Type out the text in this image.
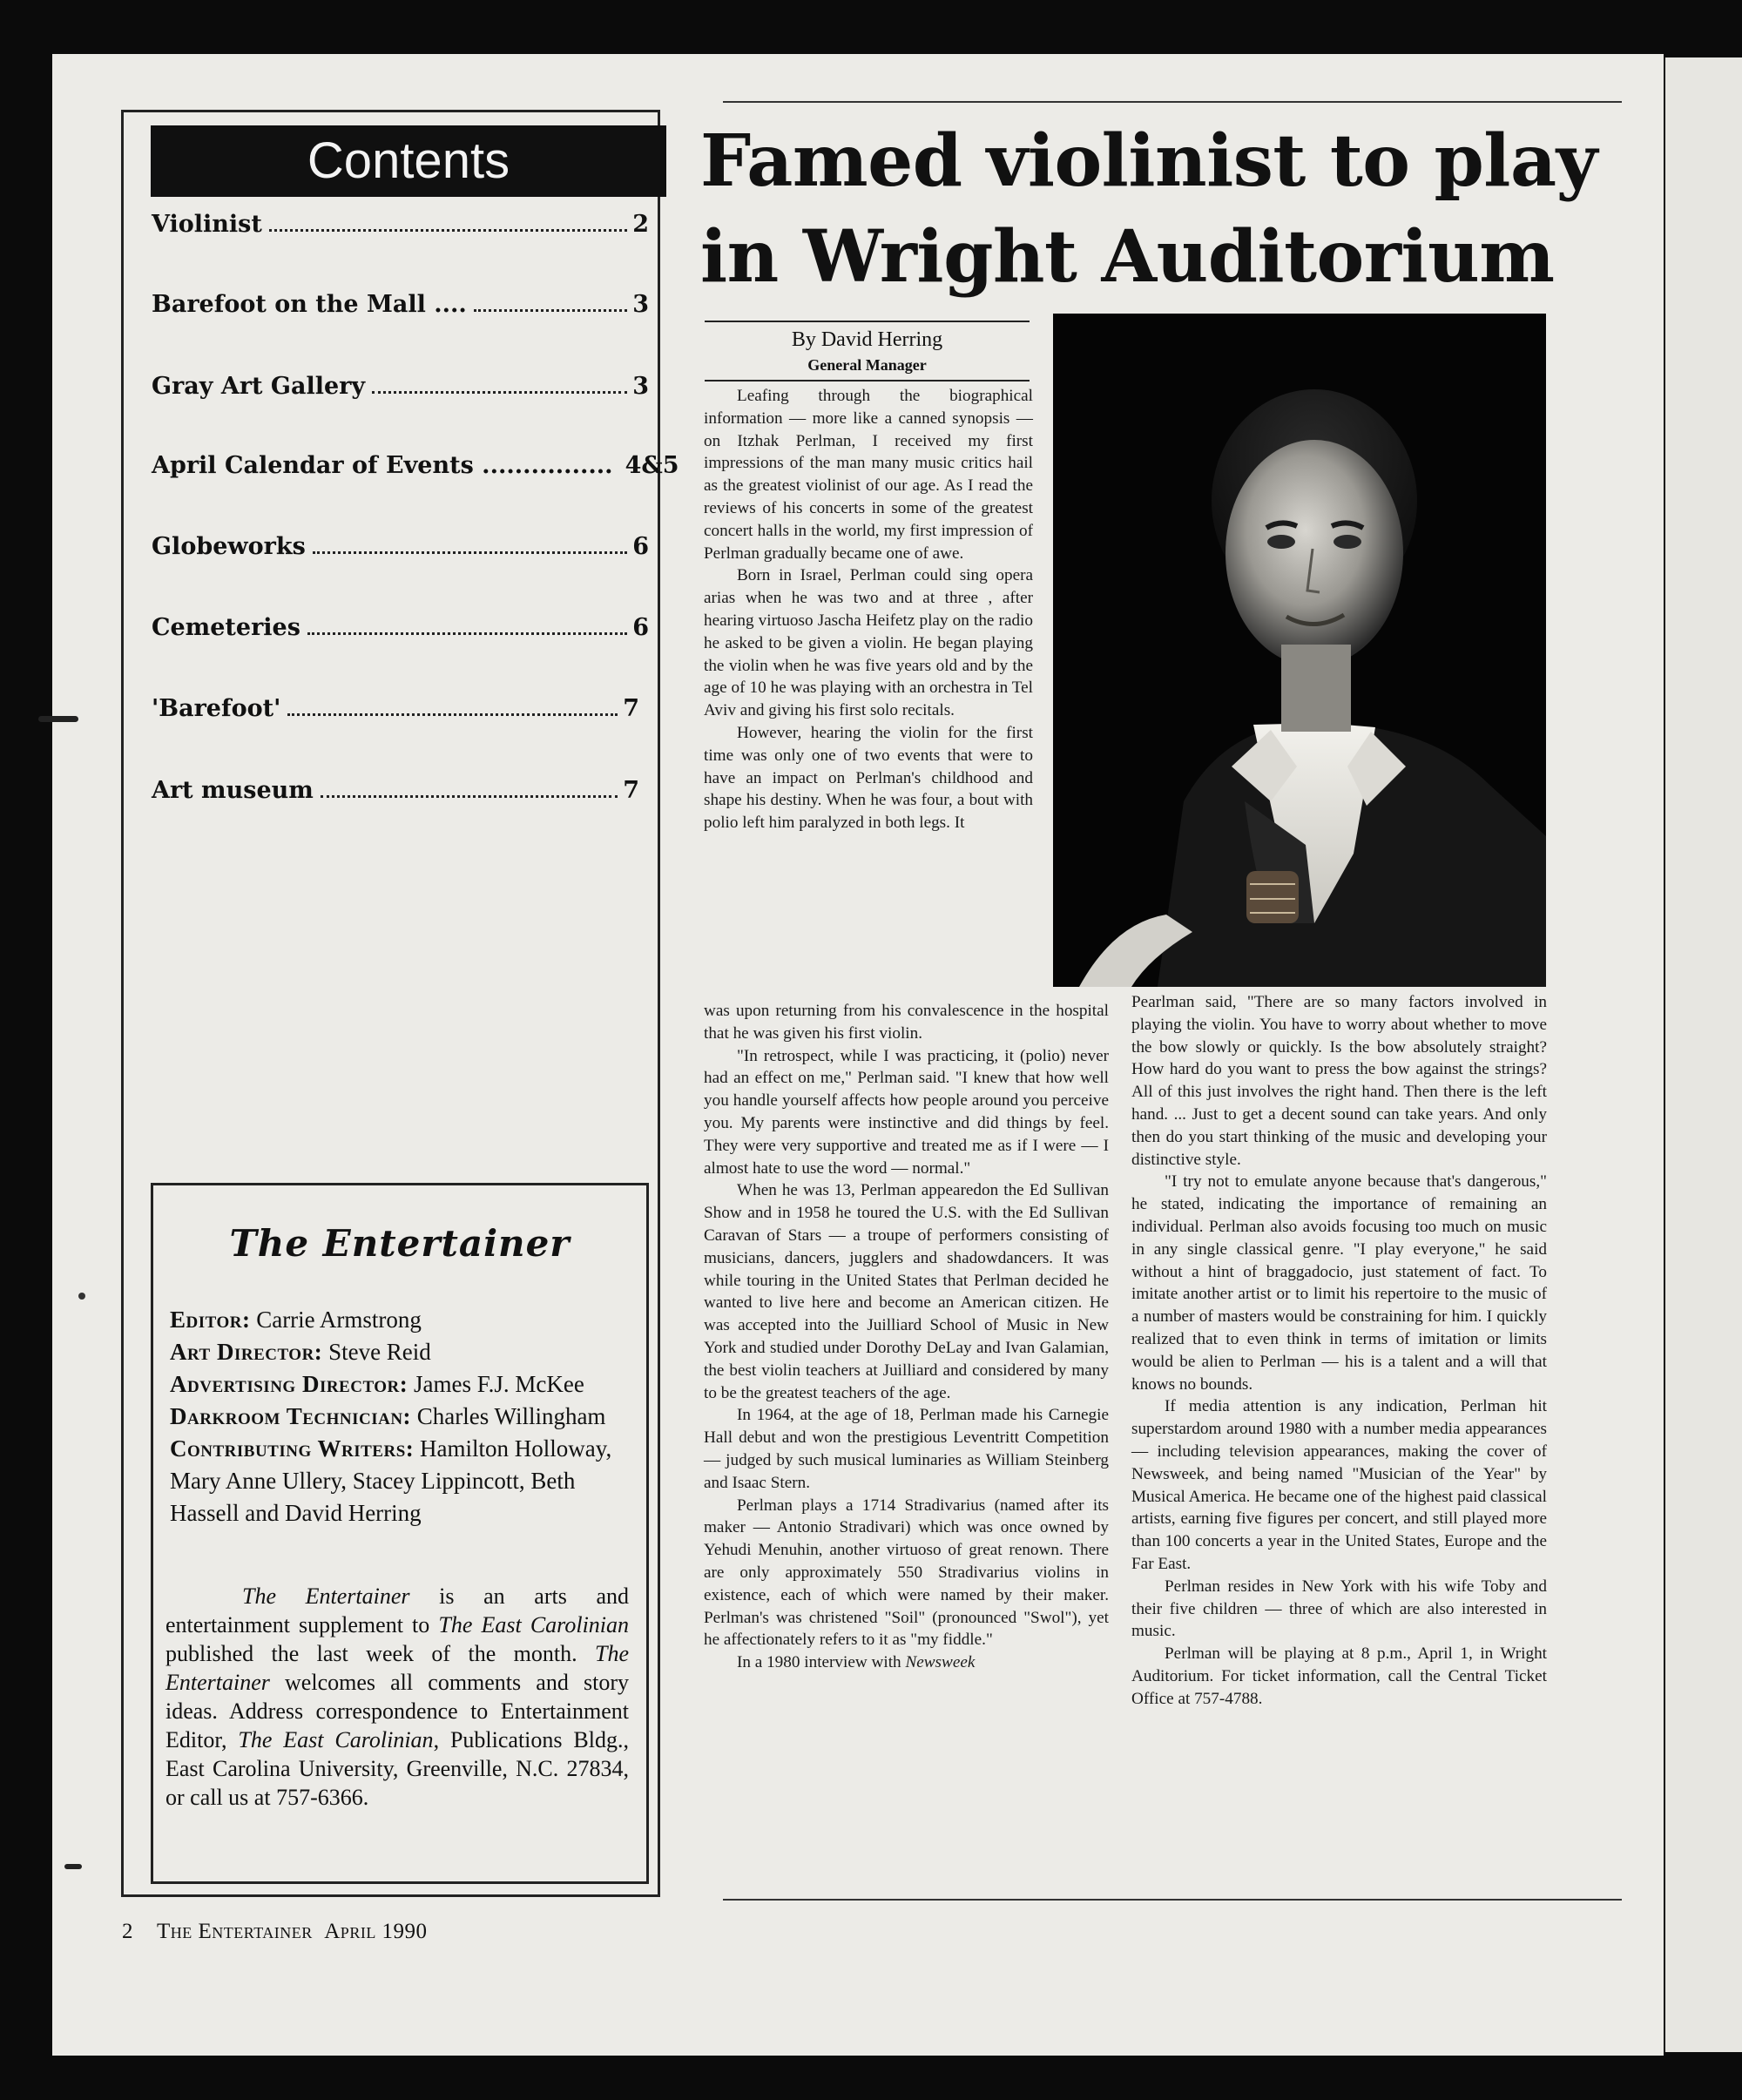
Contents
Violinist	2
Barefoot on the Mall ....	3
Gray Art Gallery	3
April Calendar of Events ................ 4&5
Globeworks	6
Cemeteries	6
'Barefoot'	7
Art museum	7
The Entertainer
Editor: Carrie Armstrong
Art Director: Steve Reid
Advertising Director: James F.J. McKee
Darkroom Technician: Charles Willingham
Contributing Writers: Hamilton Holloway, Mary Anne Ullery, Stacey Lippincott, Beth Hassell and David Herring
The Entertainer is an arts and entertainment supplement to The East Carolinian published the last week of the month. The Entertainer welcomes all comments and story ideas. Address correspondence to Entertainment Editor, The East Carolinian, Publications Bldg., East Carolina University, Greenville, N.C. 27834, or call us at 757-6366.
Famed violinist to play in Wright Auditorium
By David Herring
General Manager

Leafing through the biographical information — more like a canned synopsis — on Itzhak Perlman, I received my first impressions of the man many music critics hail as the greatest violinist of our age. As I read the reviews of his concerts in some of the greatest concert halls in the world, my first impression of Perlman gradually became one of awe.

Born in Israel, Perlman could sing opera arias when he was two and at three , after hearing virtuoso Jascha Heifetz play on the radio he asked to be given a violin. He began playing the violin when he was five years old and by the age of 10 he was playing with an orchestra in Tel Aviv and giving his first solo recitals.

However, hearing the violin for the first time was only one of two events that were to have an impact on Perlman's childhood and shape his destiny. When he was four, a bout with polio left him paralyzed in both legs. It

was upon returning from his convalescence in the hospital that he was given his first violin.

"In retrospect, while I was practicing, it (polio) never had an effect on me," Perlman said. "I knew that how well you handle yourself affects how people around you perceive you. My parents were instinctive and did things by feel. They were very supportive and treated me as if I were — I almost hate to use the word — normal."

When he was 13, Perlman appearedon the Ed Sullivan Show and in 1958 he toured the U.S. with the Ed Sullivan Caravan of Stars — a troupe of performers consisting of musicians, dancers, jugglers and shadowdancers. It was while touring in the United States that Perlman decided he wanted to live here and become an American citizen. He was accepted into the Juilliard School of Music in New York and studied under Dorothy DeLay and Ivan Galamian, the best violin teachers at Juilliard and considered by many to be the greatest teachers of the age.

In 1964, at the age of 18, Perlman made his Carnegie Hall debut and won the prestigious Leventritt Competition — judged by such musical luminaries as William Steinberg and Isaac Stern.

Perlman plays a 1714 Stradivarius (named after its maker — Antonio Stradivari) which was once owned by Yehudi Menuhin, another virtuoso of great renown. There are only approximately 550 Stradivarius violins in existence, each of which were named by their maker. Perlman's was christened "Soil" (pronounced "Swol"), yet he affectionately refers to it as "my fiddle."

In a 1980 interview with Newsweek

Pearlman said, "There are so many factors involved in playing the violin. You have to worry about whether to move the bow slowly or quickly. Is the bow absolutely straight? How hard do you want to press the bow against the strings? All of this just involves the right hand. Then there is the left hand. ... Just to get a decent sound can take years. And only then do you start thinking of the music and developing your distinctive style.

"I try not to emulate anyone because that's dangerous," he stated, indicating the importance of remaining an individual. Perlman also avoids focusing too much on music in any single classical genre. "I play everyone," he said without a hint of braggadocio, just statement of fact. To imitate another artist or to limit his repertoire to the music of a number of masters would be constraining for him. I quickly realized that to even think in terms of imitation or limits would be alien to Perlman — his is a talent and a will that knows no bounds.

If media attention is any indication, Perlman hit superstardom around 1980 with a number media appearances — including television appearances, making the cover of Newsweek, and being named "Musician of the Year" by Musical America. He became one of the highest paid classical artists, earning five figures per concert, and still played more than 100 concerts a year in the United States, Europe and the Far East.

Perlman resides in New York with his wife Toby and their five children — three of which are also interested in music.

Perlman will be playing at 8 p.m., April 1, in Wright Auditorium. For ticket information, call the Central Ticket Office at 757-4788.

2 The Entertainer April 1990
